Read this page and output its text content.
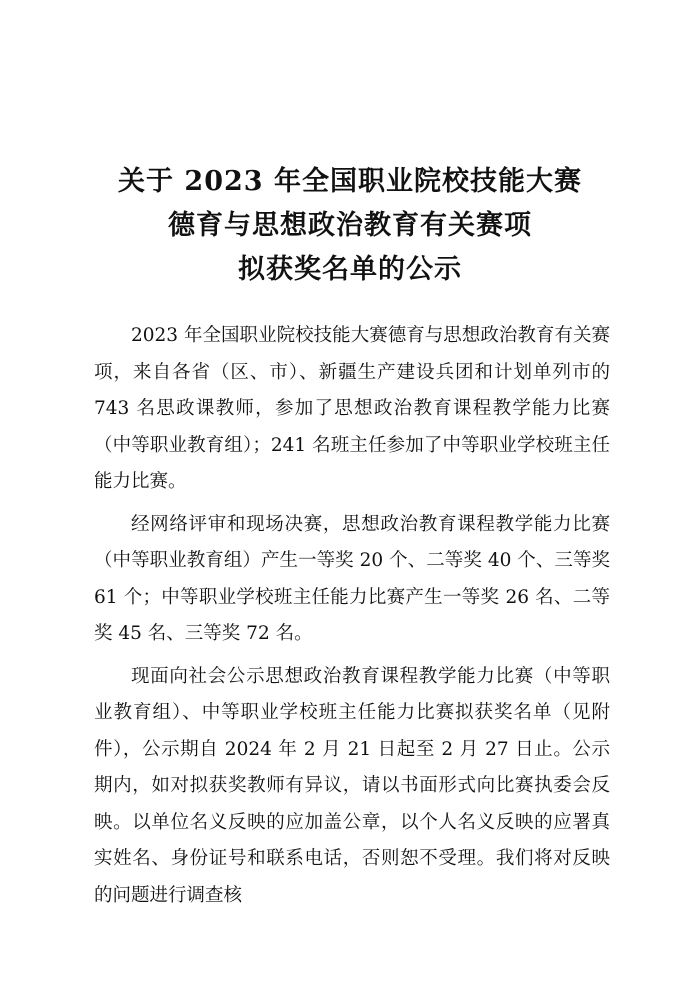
关于 2023 年全国职业院校技能大赛
德育与思想政治教育有关赛项
拟获奖名单的公示

2023 年全国职业院校技能大赛德育与思想政治教育有关赛项，来自各省（区、市）、新疆生产建设兵团和计划单列市的 743 名思政课教师，参加了思想政治教育课程教学能力比赛（中等职业教育组）；241 名班主任参加了中等职业学校班主任能力比赛。

经网络评审和现场决赛，思想政治教育课程教学能力比赛（中等职业教育组）产生一等奖 20 个、二等奖 40 个、三等奖 61 个；中等职业学校班主任能力比赛产生一等奖 26 名、二等奖 45 名、三等奖 72 名。

现面向社会公示思想政治教育课程教学能力比赛（中等职业教育组）、中等职业学校班主任能力比赛拟获奖名单（见附件），公示期自 2024 年 2 月 21 日起至 2 月 27 日止。公示期内，如对拟获奖教师有异议，请以书面形式向比赛执委会反映。以单位名义反映的应加盖公章，以个人名义反映的应署真实姓名、身份证号和联系电话，否则恕不受理。我们将对反映的问题进行调查核
